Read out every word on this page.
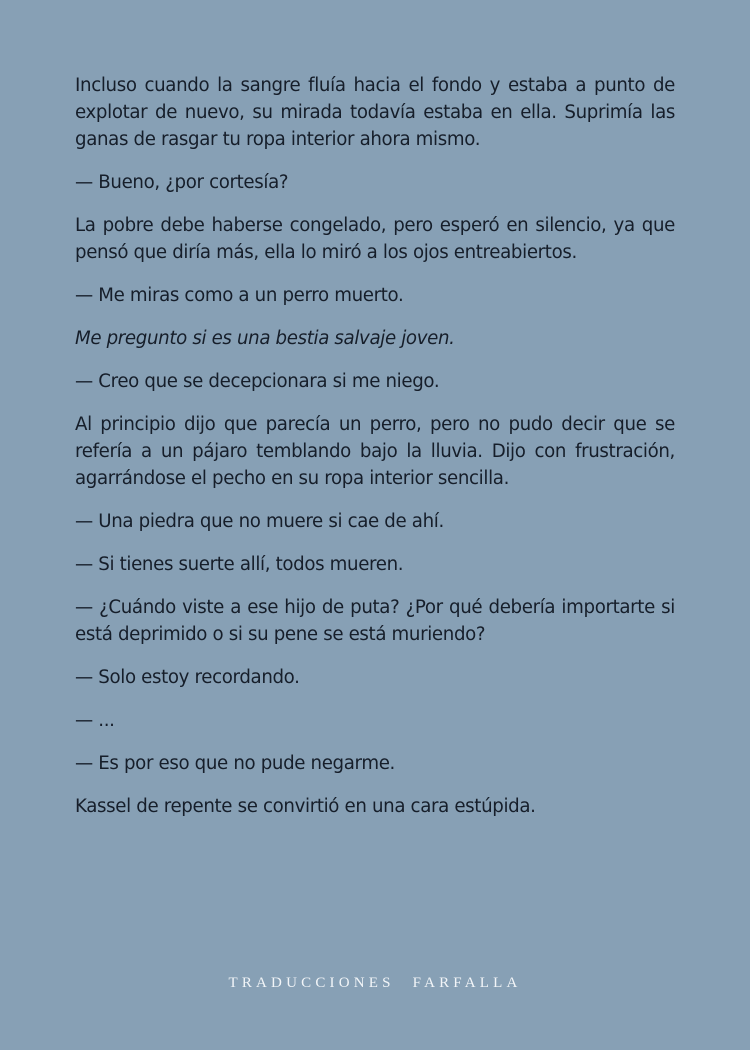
Incluso cuando la sangre fluía hacia el fondo y estaba a punto de explotar de nuevo, su mirada todavía estaba en ella. Suprimía las ganas de rasgar tu ropa interior ahora mismo.

— Bueno, ¿por cortesía?

La pobre debe haberse congelado, pero esperó en silencio, ya que pensó que diría más, ella lo miró a los ojos entreabiertos.

— Me miras como a un perro muerto.

Me pregunto si es una bestia salvaje joven.

— Creo que se decepcionara si me niego.

Al principio dijo que parecía un perro, pero no pudo decir que se refería a un pájaro temblando bajo la lluvia. Dijo con frustración, agarrándose el pecho en su ropa interior sencilla.

— Una piedra que no muere si cae de ahí.

— Si tienes suerte allí, todos mueren.

— ¿Cuándo viste a ese hijo de puta? ¿Por qué debería importarte si está deprimido o si su pene se está muriendo?

— Solo estoy recordando.

— ...

— Es por eso que no pude negarme.

Kassel de repente se convirtió en una cara estúpida.

TRADUCCIONES FARFALLA
